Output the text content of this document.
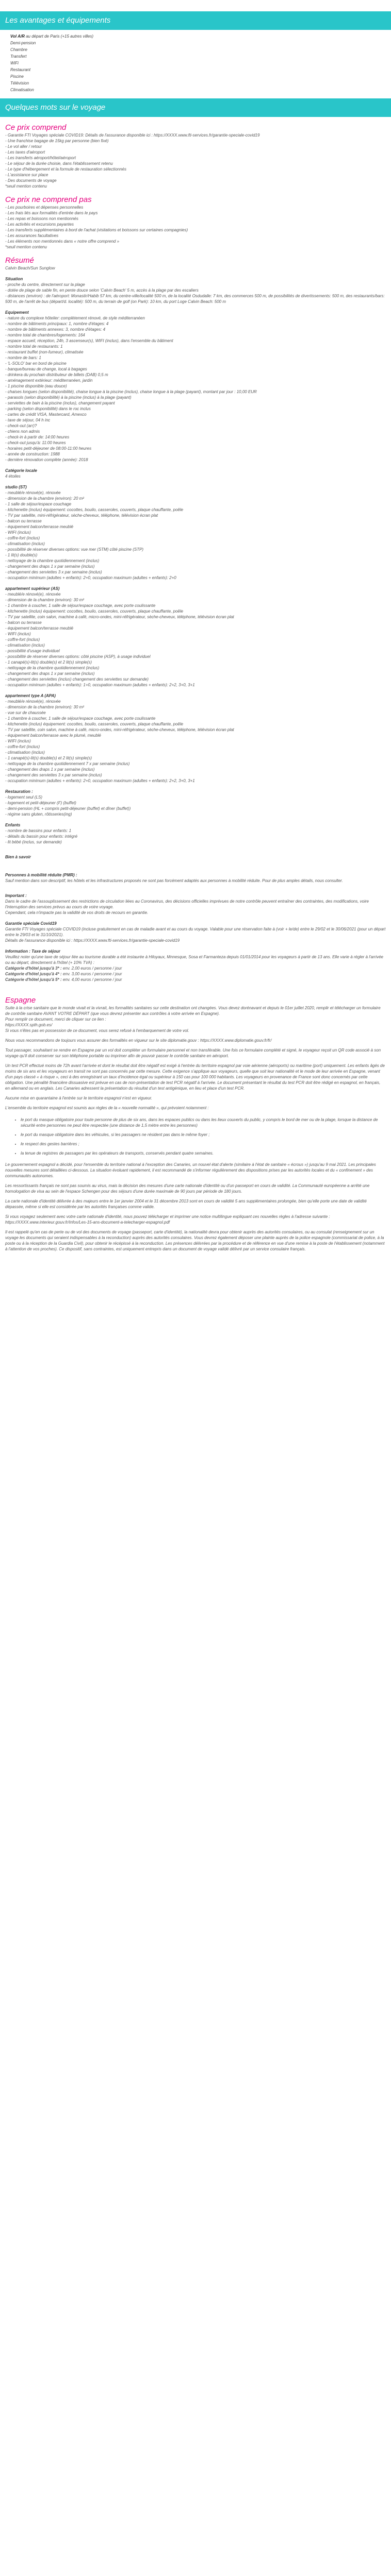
Les avantages et équipements
Vol A/R au départ de Paris (+15 autres villes)
Demi-pension
Chambre
Transfert
WiFi
Restaurant
Piscine
Télévision
Climatisation
Quelques mots sur le voyage
Ce prix comprend

- Garantie FTI Voyages spéciale COVID19: Détails de l'assurance disponible ici : https://XXXX.www.fti-services.fr/garantie-speciale-covid19

- Une franchise bagage de 15kg par personne (bien fixé)

- Le vol aller / retour

- Les taxes d'aéroport

- Les transferts aéroport/hôtel/aéroport

- Le séjour de la durée choisie, dans l'établissement retenu

- Le type d'hébergement et la formule de restauration sélectionnés

- L'assistance sur place

- Des documents de voyage

*seuil mention contenu

Ce prix ne comprend pas

- Les pourboires et dépenses personnelles

- Les frais liés aux formalités d'entrée dans le pays

- Les repas et boissons non mentionnés

- Les activités et excursions payantes

- Les transferts supplémentaires à bord de l'achat (visitations et boissons sur certaines compagnies)

- Les assurances facultatives

- Les éléments non mentionnés dans « notre offre comprend »

*seuil mention contenu

Résumé

Calvin Beach/Sun Sunglow

Situation

- proche du centre, directement sur la plage

- dotée de plage de sable fin, en pente douce selon 'Calvin Beach' 5 m, accès à la plage par des escaliers

- distances (environ) : de l'aéroport: Monastir/Habib 57 km, du centre-ville/localité 500 m, de la localité Osdudalle: 7 km, des commerces 500 m, de possibilités de divertissements: 500 m, des restaurants/bars: 500 m, de l'arrêt de bus (départ/d. localité): 500 m, du terrain de golf (on Park): 10 km, du port Loge Calvin Beach: 500 m

Equipement

- nature du complexe hôtelier: complètement rénové, de style méditerranéen

- nombre de bâtiments principaux: 1, nombre d'étages: 4

- nombre de bâtiments annexes: 3, nombre d'étages: 4

- nombre total de chambres/logements: 164

- espace accueil, réception, 24h, 3 ascenseur(s), WIFI (inclus), dans l'ensemble du bâtiment

- nombre total de restaurants: 1

- restaurant buffet (non-fumeur), climatisée

- nombre de bars: 1

- 'L-SOLO' bar en bord de piscine

- banque/bureau de change, local à bagages

- drinkera du prochain distributeur de billets (DAB) 0,5 m

- aménagement extérieur: méditerranéen, jardin

- 1 piscine disponible (eau douce)

- chaises longues (selon disponibilité), chaise longue à la piscine (inclus), chaise longue à la plage (payant), montant par jour : 10,00 EUR

- parasols (selon disponibilité) à la piscine (inclus) à la plage (payant)

- serviettes de bain à la piscine (inclus), changement payant

- parking (selon disponibilité) dans le roc inclus

- cartes de crédit VISA, Mastercard, Amexco

- taxe de séjour, 04 h inc

- check-out (arr)?

- chiens non admis

- check-in à partir de: 14:00 heures

- check-out jusqu'à: 11:00 heures

- horaires petit-déjeuner de 08:00-11:00 heures

- année de construction: 1988

- dernière rénovation complète (année): 2018

Catégorie locale

4 étoiles

studio (ST)

- meublé/e rénové(e), rénovée

- dimension de la chambre (environ): 20 m²

- 1 salle de séjour/espace couchage

- kitchenette (inclus) équipement: cocottes, bouilo, casseroles, couverts, plaque chauffante, poêle

- TV par satellite, mini-réfrigérateur, sèche-cheveux, téléphone, télévision écran plat

- balcon ou terrasse

- équipement balcon/terrasse meublé

- WIFI (inclus)

- coffre-fort (inclus)

- climatisation (inclus)

- possibilité de réserver diverses options: vue mer (STM) côté piscine (STP)

- 1 lit(s) double(s)

- nettoyage de la chambre quotidiennement (inclus)

- changement des draps 1 x par semaine (inclus)

- changement des serviettes 3 x par semaine (inclus)

- occupation minimum (adultes + enfants): 2+0, occupation maximum (adultes + enfants): 2+0

appartement supérieur (AS)

- meublé/e rénové(e), rénovée

- dimension de la chambre (environ): 30 m²

- 1 chambre à coucher, 1 salle de séjour/espace couchage, avec porte coulissante

- kitchenette (inclus) équipement: cocottes, bouilo, casseroles, couverts, plaque chauffante, poêle

- TV par satellite, coin salon, machine à café, micro-ondes, mini-réfrigérateur, sèche-cheveux, téléphone, télévision écran plat

- balcon ou terrasse

- équipement balcon/terrasse meublé

- WIFI (inclus)

- coffre-fort (inclus)

- climatisation (inclus)

- possibilité d'usage individuel

- possibilité de réserver diverses options: côté piscine (ASP), à usage individuel

- 1 canapé(s)-lit(s) double(s) et 2 lit(s) simple(s)

- nettoyage de la chambre quotidiennement (inclus)

- changement des draps 1 x par semaine (inclus)

- changement des serviettes (inclus) changement des serviettes sur demande)

- occupation minimum (adultes + enfants): 1+0, occupation maximum (adultes + enfants): 2+2, 3+0, 3+1

appartement type A (APA)

- meublé/e rénové(e), rénovée

- dimension de la chambre (environ): 30 m²

- vue sur de chaussée

- 1 chambre à coucher, 1 salle de séjour/espace couchage, avec porte coulissante

- kitchenette (inclus) équipement: cocottes, bouilo, casseroles, couverts, plaque chauffante, poêle

- TV par satellite, coin salon, machine à café, micro-ondes, mini-réfrigérateur, sèche-cheveux, téléphone, télévision écran plat

- équipement balcon/terrasse avec le plumé, meublé

- WIFI (inclus)

- coffre-fort (inclus)

- climatisation (inclus)

- 1 canapé(s)-lit(s) double(s) et 2 lit(s) simple(s)

- nettoyage de la chambre quotidiennement 7 x par semaine (inclus)

- changement des draps 1 x par semaine (inclus)

- changement des serviettes 3 x par semaine (inclus)

- occupation minimum (adultes + enfants): 2+0, occupation maximum (adultes + enfants): 2+2, 3+0, 3+1

Restauration :

- logement seul (LS)

- logement et petit-déjeuner (F) (buffet)

- demi-pension (HL + compris petit-déjeuner (buffet) et dîner (buffet))

- régime sans gluten, rôtisseries(ing)

Enfants

- nombre de bassins pour enfants: 1

- détails du bassin pour enfants: intégré

- lit bébé (inclus, sur demande)

Bien à savoir
Personnes à mobilité réduite (PMR) :

Sauf mention dans son descriptif, les hôtels et les infrastructures proposés ne sont pas forcément adaptés aux personnes à mobilité réduite. Pour de plus amples détails, nous consulter.

Important :

Dans le cadre de l'assouplissement des restrictions de circulation liées au Coronavirus, des décisions officielles imprévues de notre contrôle peuvent entraîner des contraintes, des modifications, voire l'interruption des services prévus au cours de votre voyage.

Cependant, cela n'impacte pas la validité de vos droits de recours en garantie.

Garantie spéciale Covid19

Garantie FTI Voyages spéciale COVID19 (incluse gratuitement en cas de maladie avant et au cours du voyage. Valable pour une réservation faite à (voir + le/de) entre le 29/02 et le 30/06/2021 (pour un départ entre le 29/03 et le 31/10/2021).

Détails de l'assurance disponible ici : https://XXXX.www.fti-services.fr/garantie-speciale-covid19

Information : Taxe de séjour

Veuillez noter qu'une taxe de séjour liée au tourisme durable a été instaurée à Hiloyaux, Mnnesque, Sosa et Farmanteza depuis 01/01/2014 pour les voyageurs à partir de 13 ans. Elle varie à régler à l'arrivée ou au départ, directement à l'hôtel (+ 10% TVA) :

Catégorie d'hôtel jusqu'à 3* : env. 2,00 euros / personne / jour

Catégorie d'hôtel jusqu'à 4* : env. 3,00 euros / personne / jour

Catégorie d'hôtel jusqu'à 5* : env. 4,00 euros / personne / jour

Espagne

Suite à la crise sanitaire que le monde vivait et la vivrait, les formalités sanitaires sur cette destination ont changées. Vous devez dorénavant et depuis le 01er juillet 2020, remplir et télécharger un formulaire de contrôle sanitaire AVANT VOTRE DÉPART (que vous devrez présenter aux contrôles à votre arrivée en Espagne).

Pour remplir ce document, merci de cliquer sur ce lien :

https://XXXX.spth.gob.es/

Si vous n'êtes pas en possession de ce document, vous serez refusé à l'embarquement de votre vol.

Nous vous recommandons de toujours vous assurer des formalités en vigueur sur le site diplomatie.gouv : https://XXXX.www.diplomatie.gouv.fr/fr/

Tout passager, souhaitant se rendre en Espagne par un vol doit compléter un formulaire personnel et non transférable. Une fois ce formulaire complété et signé, le voyageur reçoit un QR code associé à son voyage qu'il doit conserver sur son téléphone portable ou imprimer afin de pouvoir passer le contrôle sanitaire en aéroport.

Un test PCR effectué moins de 72h avant l'arrivée et dont le résultat doit être négatif est exigé à l'entrée du territoire espagnol par voie aérienne (aéroports) ou maritime (port) uniquement. Les enfants âgés de moins de six ans et les voyageurs en transit ne sont pas concernés par cette mesure. Cette exigence s'applique aux voyageurs, quelle que soit leur nationalité et le mode de leur arrivée en Espagne, venant d'un pays classé « à risque », ceci à des enregistrant un taux d'incidence égal ou supérieur à 150 cas pour 100 000 habitants. Les voyageurs en provenance de France sont donc concernés par cette obligation. Une pénalité financière dissuasive est prévue en cas de non-présentation de test PCR négatif à l'arrivée. Le document présentant le résultat du test PCR doit être rédigé en espagnol, en français, en allemand ou en anglais. Les Canaries adressent la présentation du résultat d'un test antigénique, en lieu et place d'un test PCR.

Aucune mise en quarantaine à l'entrée sur le territoire espagnol n'est en vigueur.

L'ensemble du territoire espagnol est soumis aux règles de la « nouvelle normalité », qui prévoient notamment :

• le port du masque obligatoire pour toute personne de plus de six ans, dans les espaces publics ou dans les lieux couverts du public, y compris le bord de mer ou de la plage, lorsque la distance de sécurité entre personnes ne peut être respectée (une distance de 1,5 mètre entre les personnes)
• le port du masque obligatoire dans les véhicules, si les passagers ne résident pas dans le même foyer ;
• le respect des gestes barrières ;
• la tenue de registres de passagers par les opérateurs de transports, conservés pendant quatre semaines.

Le gouvernement espagnol a décidé, pour l'ensemble du territoire national à l'exception des Canaries, un nouvel état d'alerte (similaire à l'état de sanitaire « écrous ») jusqu'au 9 mai 2021. Les principales nouvelles mesures sont détaillées ci-dessous. La situation évoluant rapidement, il est recommandé de s'informer régulièrement des dispositions prises par les autorités locales et du « confinement » des communautés autonomes.

Les ressortissants français ne sont pas soumis au virus, mais la décision des mesures d'une carte nationale d'identité ou d'un passeport en cours de validité. La Communauté européenne a arrêté une homologation de visa au sein de l'espace Schengen pour des séjours d'une durée maximale de 90 jours par période de 180 jours.

La carte nationale d'identité délivrée à des majeurs entre le 1er janvier 2004 et le 31 décembre 2013 sont en cours de validité 5 ans supplémentaires prolongée, bien qu'elle porte une date de validité dépassée, même si elle est considérée par les autorités françaises comme valide.

Si vous voyagez seulement avec votre carte nationale d'identité, nous pouvez télécharger et imprimer une notice multilingue expliquant ces nouvelles règles à l'adresse suivante : https://XXXX.www.interieur.gouv.fr/Infos/Les-15-ans-document-a-telecharger-espagnol.pdf

Il est rappelé qu'en cas de perte ou de vol des documents de voyage (passeport, carte d'identité), la nationalité devra pour obtenir auprès des autorités consulaires, ou au consulat (renseignement sur un voyage les documents qui seraient indispensables à la reconduction) auprès des autorités consulaires. Vous devrez également déposer une plainte auprès de la police espagnole (commissariat de police, à la poste ou à la réception de la Guardia Civil), pour obtenir le récépissé à la reconduction. Les présences délivrées par la procédure et de référence en vue d'une remise à la poste de l'établissement (notamment à l'attention de vos proches). Ce dispositif, sans contraintes, est uniquement entrepris dans un document de voyage validé délivré par un service consulaire français.
